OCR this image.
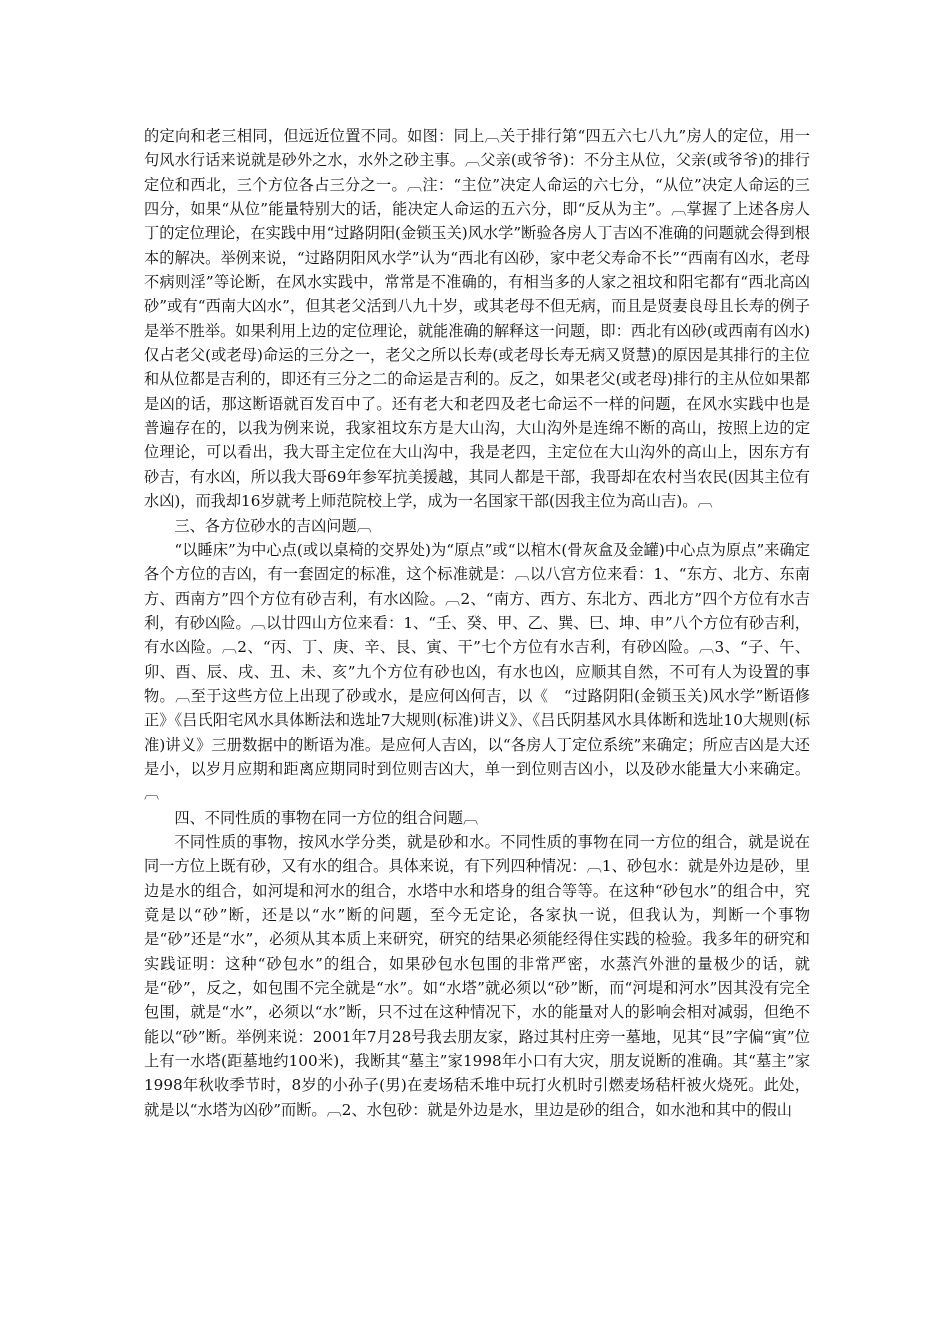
的定向和老三相同，但远近位置不同。如图：同上︹关于排行第“四五六七八九”房人的定位，用一句风水行话来说就是砂外之水，水外之砂主事。︹父亲(或爷爷)：不分主从位，父亲(或爷爷)的排行定位和西北，三个方位各占三分之一。︹注：“主位”决定人命运的六七分，“从位”决定人命运的三四分，如果“从位”能量特别大的话，能决定人命运的五六分，即“反从为主”。︹掌握了上述各房人丁的定位理论，在实践中用“过路阴阳(金锁玉关)风水学”断验各房人丁吉凶不准确的问题就会得到根本的解决。举例来说，“过路阴阳风水学”认为“西北有凶砂，家中老父寿命不长”“西南有凶水，老母不病则淫”等论断，在风水实践中，常常是不准确的，有相当多的人家之祖坟和阳宅都有“西北高凶砂”或有“西南大凶水”，但其老父活到八九十岁，或其老母不但无病，而且是贤妻良母且长寿的例子是举不胜举。如果利用上边的定位理论，就能准确的解释这一问题，即：西北有凶砂(或西南有凶水)仅占老父(或老母)命运的三分之一，老父之所以长寿(或老母长寿无病又贤慧)的原因是其排行的主位和从位都是吉利的，即还有三分之二的命运是吉利的。反之，如果老父(或老母)排行的主从位如果都是凶的话，那这断语就百发百中了。还有老大和老四及老七命运不一样的问题，在风水实践中也是普遍存在的，以我为例来说，我家祖坟东方是大山沟，大山沟外是连绵不断的高山，按照上边的定位理论，可以看出，我大哥主定位在大山沟中，我是老四，主定位在大山沟外的高山上，因东方有砂吉，有水凶，所以我大哥69年参军抗美援越，其同人都是干部，我哥却在农村当农民(因其主位有水凶)，而我却16岁就考上师范院校上学，成为一名国家干部(因我主位为高山吉)。︹

三、各方位砂水的吉凶问题︹

“以睡床”为中心点(或以桌椅的交界处)为“原点”或“以棺木(骨灰盒及金罐)中心点为原点”来确定各个方位的吉凶，有一套固定的标准，这个标准就是：︹以八宫方位来看：1、“东方、北方、东南方、西南方”四个方位有砂吉利，有水凶险。︹2、“南方、西方、东北方、西北方”四个方位有水吉利，有砂凶险。︹以廿四山方位来看：1、“壬、癸、甲、乙、巽、巳、坤、申”八个方位有砂吉利，有水凶险。︹2、“丙、丁、庚、辛、艮、寅、干”七个方位有水吉利，有砂凶险。︹3、“子、午、卯、酉、辰、戌、丑、未、亥”九个方位有砂也凶，有水也凶，应顺其自然，不可有人为设置的事物。︹至于这些方位上出现了砂或水，是应何凶何吉，以《　“过路阴阳(金锁玉关)风水学”断语修正》《吕氏阳宅风水具体断法和选址7大规则(标准)讲义》、《吕氏阴基风水具体断和选址10大规则(标准)讲义》三册数据中的断语为准。是应何人吉凶，以“各房人丁定位系统”来确定；所应吉凶是大还是小，以岁月应期和距离应期同时到位则吉凶大，单一到位则吉凶小，以及砂水能量大小来确定。︹

四、不同性质的事物在同一方位的组合问题︹

不同性质的事物，按风水学分类，就是砂和水。不同性质的事物在同一方位的组合，就是说在同一方位上既有砂，又有水的组合。具体来说，有下列四种情况：︹1、砂包水：就是外边是砂，里边是水的组合，如河堤和河水的组合，水塔中水和塔身的组合等等。在这种“砂包水”的组合中，究竟是以“砂”断，还是以“水”断的问题，至今无定论，各家执一说，但我认为，判断一个事物是“砂”还是“水”，必须从其本质上来研究，研究的结果必须能经得住实践的检验。我多年的研究和实践证明：这种“砂包水”的组合，如果砂包水包围的非常严密，水蒸汽外泄的量极少的话，就是“砂”，反之，如包围不完全就是“水”。如“水塔”就必须以“砂”断，而“河堤和河水”因其没有完全包围，就是“水”，必须以“水”断，只不过在这种情况下，水的能量对人的影响会相对减弱，但绝不能以“砂”断。举例来说：2001年7月28号我去朋友家，路过其村庄旁一墓地，见其“艮”字偏“寅”位上有一水塔(距墓地约100米)，我断其“墓主”家1998年小口有大灾，朋友说断的准确。其“墓主”家1998年秋收季节时，8岁的小孙子(男)在麦场秸禾堆中玩打火机时引燃麦场秸杆被火烧死。此处，就是以“水塔为凶砂”而断。︹2、水包砂：就是外边是水，里边是砂的组合，如水池和其中的假山
